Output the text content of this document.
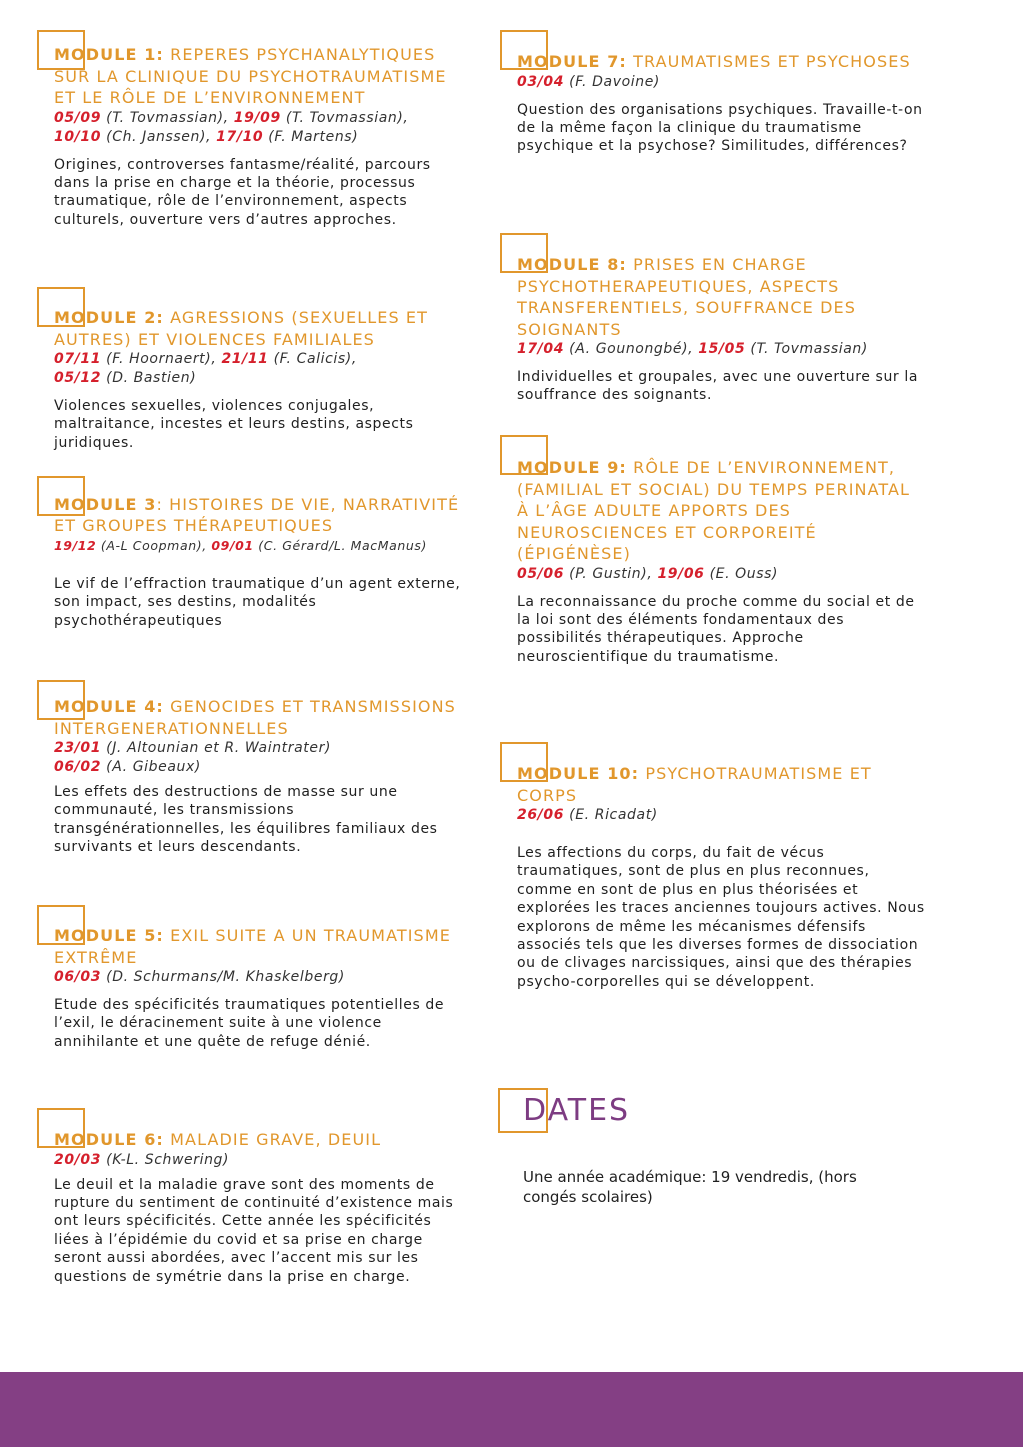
MODULE 1: REPERES PSYCHANALYTIQUES SUR LA CLINIQUE DU PSYCHOTRAUMATISME ET LE RÔLE DE L’ENVIRONNEMENT
05/09 (T. Tovmassian), 19/09 (T. Tovmassian),
10/10 (Ch. Janssen), 17/10 (F. Martens)
Origines, controverses fantasme/réalité, parcours dans la prise en charge et la théorie, processus traumatique, rôle de l’environnement, aspects culturels, ouverture vers d’autres approches.
MODULE 2: AGRESSIONS (SEXUELLES ET AUTRES) ET VIOLENCES FAMILIALES
07/11 (F. Hoornaert), 21/11 (F. Calicis),
05/12 (D. Bastien)
Violences sexuelles, violences conjugales, maltraitance, incestes et leurs destins, aspects juridiques.
MODULE 3: HISTOIRES DE VIE, NARRATIVITÉ ET GROUPES THÉRAPEUTIQUES
19/12 (A-L Coopman), 09/01 (C. Gérard/L. MacManus)
Le vif de l’effraction traumatique d’un agent externe, son impact, ses destins, modalités psychothérapeutiques
MODULE 4: GENOCIDES ET TRANSMISSIONS INTERGENERATIONNELLES
23/01 (J. Altounian et R. Waintrater)
06/02 (A. Gibeaux)
Les effets des destructions de masse sur une communauté, les transmissions transgénérationnelles, les équilibres familiaux des survivants et leurs descendants.
MODULE 5: EXIL SUITE A UN TRAUMATISME EXTRÊME
06/03 (D. Schurmans/M. Khaskelberg)
Etude des spécificités traumatiques potentielles de l’exil, le déracinement suite à une violence annihilante et une quête de refuge dénié.
MODULE 6: MALADIE GRAVE, DEUIL
20/03 (K-L. Schwering)
Le deuil et la maladie grave sont des moments de rupture du sentiment de continuité d’existence mais ont leurs spécificités. Cette année les spécificités liées à l’épidémie du covid et sa prise en charge seront aussi abordées, avec l’accent mis sur les questions de symétrie dans la prise en charge.
MODULE 7: TRAUMATISMES ET PSYCHOSES
03/04 (F. Davoine)
Question des organisations psychiques. Travaille-t-on de la même façon la clinique du traumatisme psychique et la psychose? Similitudes, différences?
MODULE 8: PRISES EN CHARGE PSYCHOTHERAPEUTIQUES, ASPECTS TRANSFERENTIELS, SOUFFRANCE DES SOIGNANTS
17/04 (A. Gounongbé), 15/05 (T. Tovmassian)
Individuelles et groupales, avec une ouverture sur la souffrance des soignants.
MODULE 9: RÔLE DE L’ENVIRONNEMENT, (FAMILIAL ET SOCIAL) DU TEMPS PERINATAL À L’ÂGE ADULTE APPORTS DES NEUROSCIENCES ET CORPOREITÉ (ÉPIGÉNÈSE)
05/06 (P. Gustin), 19/06 (E. Ouss)
La reconnaissance du proche comme du social et de la loi sont des éléments fondamentaux des possibilités thérapeutiques. Approche neuroscientifique du traumatisme.
MODULE 10: PSYCHOTRAUMATISME ET CORPS
26/06 (E. Ricadat)
Les affections du corps, du fait de vécus traumatiques, sont de plus en plus reconnues, comme en sont de plus en plus théorisées et explorées les traces anciennes toujours actives. Nous explorons de même les mécanismes défensifs associés tels que les diverses formes de dissociation ou de clivages narcissiques, ainsi que des thérapies psycho-corporelles qui se développent.
DATES
Une année académique: 19 vendredis, (hors congés scolaires)
